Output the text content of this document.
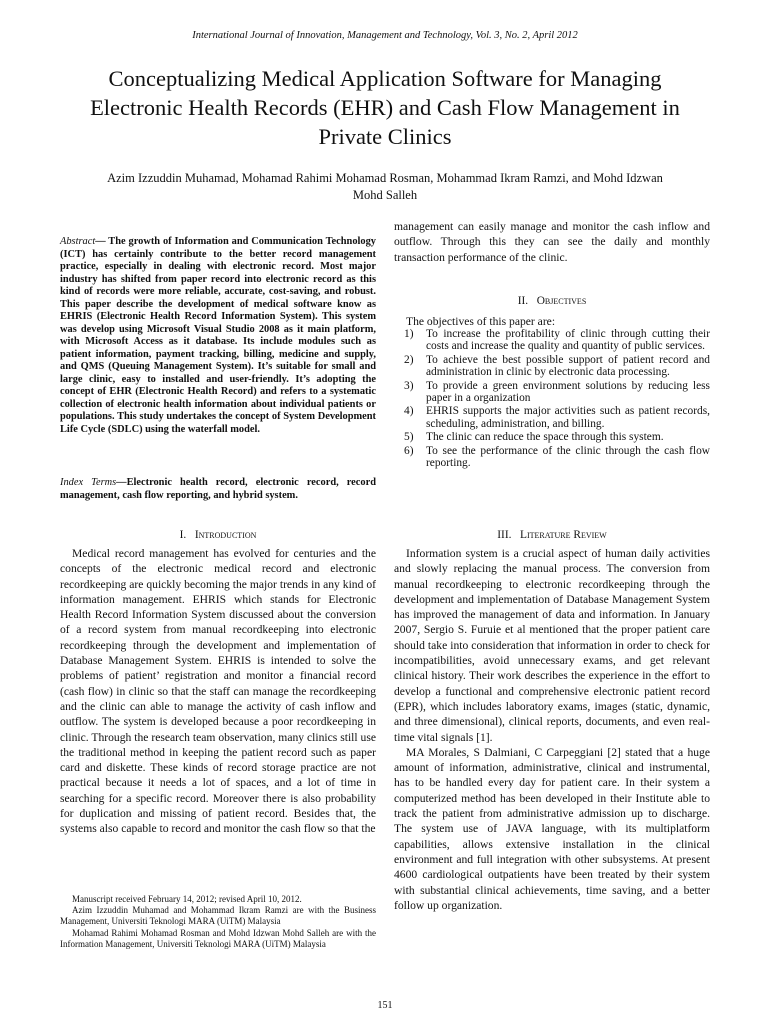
International Journal of Innovation, Management and Technology, Vol. 3, No. 2, April 2012
Conceptualizing Medical Application Software for Managing Electronic Health Records (EHR) and Cash Flow Management in Private Clinics
Azim Izzuddin Muhamad, Mohamad Rahimi Mohamad Rosman, Mohammad Ikram Ramzi, and Mohd Idzwan Mohd Salleh
Abstract— The growth of Information and Communication Technology (ICT) has certainly contribute to the better record management practice, especially in dealing with electronic record. Most major industry has shifted from paper record into electronic record as this kind of records were more reliable, accurate, cost-saving, and robust. This paper describe the development of medical software know as EHRIS (Electronic Health Record Information System). This system was develop using Microsoft Visual Studio 2008 as it main platform, with Microsoft Access as it database. Its include modules such as patient information, payment tracking, billing, medicine and supply, and QMS (Queuing Management System). It’s suitable for small and large clinic, easy to installed and user-friendly. It’s adopting the concept of EHR (Electronic Health Record) and refers to a systematic collection of electronic health information about individual patients or populations. This study undertakes the concept of System Development Life Cycle (SDLC) using the waterfall model.
Index Terms—Electronic health record, electronic record, record management, cash flow reporting, and hybrid system.
I. Introduction

Medical record management has evolved for centuries and the concepts of the electronic medical record and electronic recordkeeping are quickly becoming the major trends in any kind of information management. EHRIS which stands for Electronic Health Record Information System discussed about the conversion of a record system from manual recordkeeping into electronic recordkeeping through the development and implementation of Database Management System. EHRIS is intended to solve the problems of patient’ registration and monitor a financial record (cash flow) in clinic so that the staff can manage the recordkeeping and the clinic can able to manage the activity of cash inflow and outflow. The system is developed because a poor recordkeeping in clinic. Through the research team observation, many clinics still use the traditional method in keeping the patient record such as paper card and diskette. These kinds of record storage practice are not practical because it needs a lot of spaces, and a lot of time in searching for a specific record. Moreover there is also probability for duplication and missing of patient record. Besides that, the systems also capable to record and monitor the cash flow so that the

Manuscript received February 14, 2012; revised April 10, 2012.

Azim Izzuddin Muhamad and Mohammad Ikram Ramzi are with the Business Management, Universiti Teknologi MARA (UiTM) Malaysia

Mohamad Rahimi Mohamad Rosman and Mohd Idzwan Mohd Salleh are with the Information Management, Universiti Teknologi MARA (UiTM) Malaysia

management can easily manage and monitor the cash inflow and outflow. Through this they can see the daily and monthly transaction performance of the clinic.

II. Objectives
The objectives of this paper are:
1)	To increase the profitability of clinic through cutting their costs and increase the quality and quantity of public services.
2)	To achieve the best possible support of patient record and administration in clinic by electronic data processing.
3)	To provide a green environment solutions by reducing less paper in a organization
4)	EHRIS supports the major activities such as patient records, scheduling, administration, and billing.
5)	The clinic can reduce the space through this system.
6)	To see the performance of the clinic through the cash flow reporting.
III. Literature Review

Information system is a crucial aspect of human daily activities and slowly replacing the manual process. The conversion from manual recordkeeping to electronic recordkeeping through the development and implementation of Database Management System has improved the management of data and information. In January 2007, Sergio S. Furuie et al mentioned that the proper patient care should take into consideration that information in order to check for incompatibilities, avoid unnecessary exams, and get relevant clinical history. Their work describes the experience in the effort to develop a functional and comprehensive electronic patient record (EPR), which includes laboratory exams, images (static, dynamic, and three dimensional), clinical reports, documents, and even real-time vital signals [1].

MA Morales, S Dalmiani, C Carpeggiani [2] stated that a huge amount of information, administrative, clinical and instrumental, has to be handled every day for patient care. In their system a computerized method has been developed in their Institute able to track the patient from administrative admission up to discharge. The system use of JAVA language, with its multiplatform capabilities, allows extensive installation in the clinical environment and full integration with other subsystems. At present 4600 cardiological outpatients have been treated by their system with substantial clinical achievements, time saving, and a better follow up organization.

151
